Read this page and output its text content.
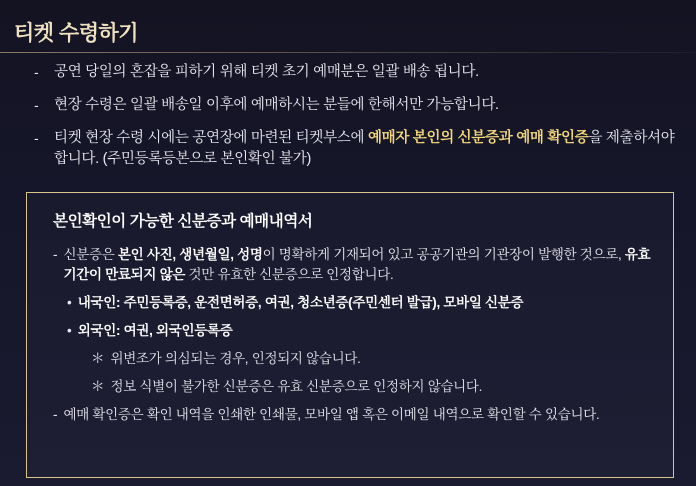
티켓 수령하기
-	공연 당일의 혼잡을 피하기 위해 티켓 초기 예매분은 일괄 배송 됩니다.
-	현장 수령은 일괄 배송일 이후에 예매하시는 분들에 한해서만 가능합니다.
-	티켓 현장 수령 시에는 공연장에 마련된 티켓부스에 예매자 본인의 신분증과 예매 확인증을 제출하셔야 합니다. (주민등록등본으로 본인확인 불가)
본인확인이 가능한 신분증과 예매내역서
- 신분증은 본인 사진, 생년월일, 성명이 명확하게 기재되어 있고 공공기관의 기관장이 발행한 것으로, 유효기간이 만료되지 않은 것만 유효한 신분증으로 인정합니다.
• 내국인: 주민등록증, 운전면허증, 여권, 청소년증(주민센터 발급), 모바일 신분증
• 외국인: 여권, 외국인등록증
＊ 위변조가 의심되는 경우, 인정되지 않습니다.
＊ 정보 식별이 불가한 신분증은 유효 신분증으로 인정하지 않습니다.
- 예매 확인증은 확인 내역을 인쇄한 인쇄물, 모바일 앱 혹은 이메일 내역으로 확인할 수 있습니다.
